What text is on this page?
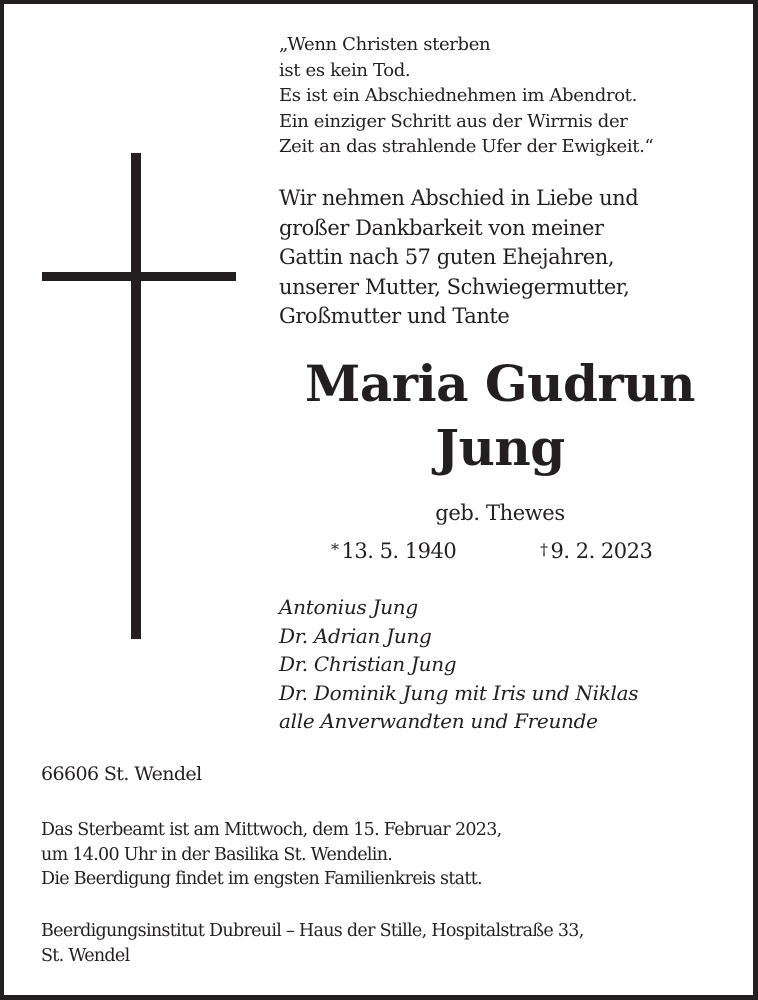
„Wenn Christen sterben
ist es kein Tod.
Es ist ein Abschiednehmen im Abendrot.
Ein einziger Schritt aus der Wirrnis der
Zeit an das strahlende Ufer der Ewigkeit.“
Wir nehmen Abschied in Liebe und
großer Dankbarkeit von meiner
Gattin nach 57 guten Ehejahren,
unserer Mutter, Schwiegermutter,
Großmutter und Tante
Maria Gudrun
Jung
geb. Thewes
* 13. 5. 1940	† 9. 2. 2023
Antonius Jung
Dr. Adrian Jung
Dr. Christian Jung
Dr. Dominik Jung mit Iris und Niklas
alle Anverwandten und Freunde
66606 St. Wendel
Das Sterbeamt ist am Mittwoch, dem 15. Februar 2023,
um 14.00 Uhr in der Basilika St. Wendelin.
Die Beerdigung findet im engsten Familienkreis statt.
Beerdigungsinstitut Dubreuil – Haus der Stille, Hospitalstraße 33,
St. Wendel
